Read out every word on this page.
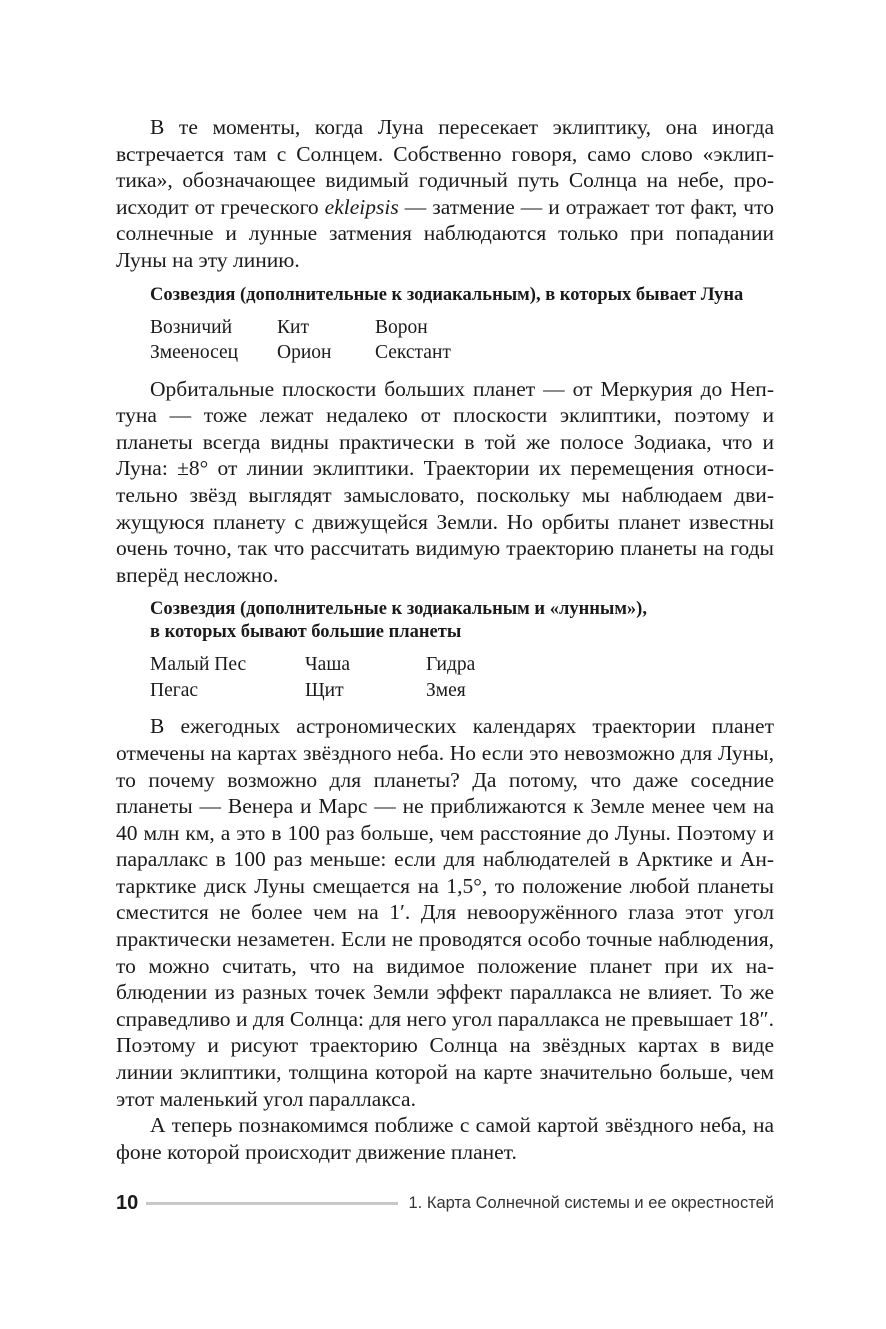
В те моменты, когда Луна пересекает эклиптику, она иногда встречается там с Солнцем. Собственно говоря, само слово «эклиптика», обозначающее видимый годичный путь Солнца на небе, происходит от греческого ekleipsis — затмение — и отражает тот факт, что солнечные и лунные затмения наблюдаются только при попадании Луны на эту линию.

Созвездия (дополнительные к зодиакальным), в которых бывает Луна
Возничий	Кит	Ворон
Змееносец	Орион	Секстант

Орбитальные плоскости больших планет — от Меркурия до Нептуна — тоже лежат недалеко от плоскости эклиптики, поэтому и планеты всегда видны практически в той же полосе Зодиака, что и Луна: ±8° от линии эклиптики. Траектории их перемещения относительно звёзд выглядят замысловато, поскольку мы наблюдаем движущуюся планету с движущейся Земли. Но орбиты планет известны очень точно, так что рассчитать видимую траекторию планеты на годы вперёд несложно.

Созвездия (дополнительные к зодиакальным и «лунным»),
в которых бывают большие планеты
Малый Пес	Чаша	Гидра
Пегас	Щит	Змея

В ежегодных астрономических календарях траектории планет отмечены на картах звёздного неба. Но если это невозможно для Луны, то почему возможно для планеты? Да потому, что даже соседние планеты — Венера и Марс — не приближаются к Земле менее чем на 40 млн км, а это в 100 раз больше, чем расстояние до Луны. Поэтому и параллакс в 100 раз меньше: если для наблюдателей в Арктике и Антарктике диск Луны смещается на 1,5°, то положение любой планеты сместится не более чем на 1′. Для невооружённого глаза этот угол практически незаметен. Если не проводятся особо точные наблюдения, то можно считать, что на видимое положение планет при их наблюдении из разных точек Земли эффект параллакса не влияет. То же справедливо и для Солнца: для него угол параллакса не превышает 18″. Поэтому и рисуют траекторию Солнца на звёздных картах в виде линии эклиптики, толщина которой на карте значительно больше, чем этот маленький угол параллакса.

А теперь познакомимся поближе с самой картой звёздного неба, на фоне которой происходит движение планет.

10	1. Карта Солнечной системы и ее окрестностей
